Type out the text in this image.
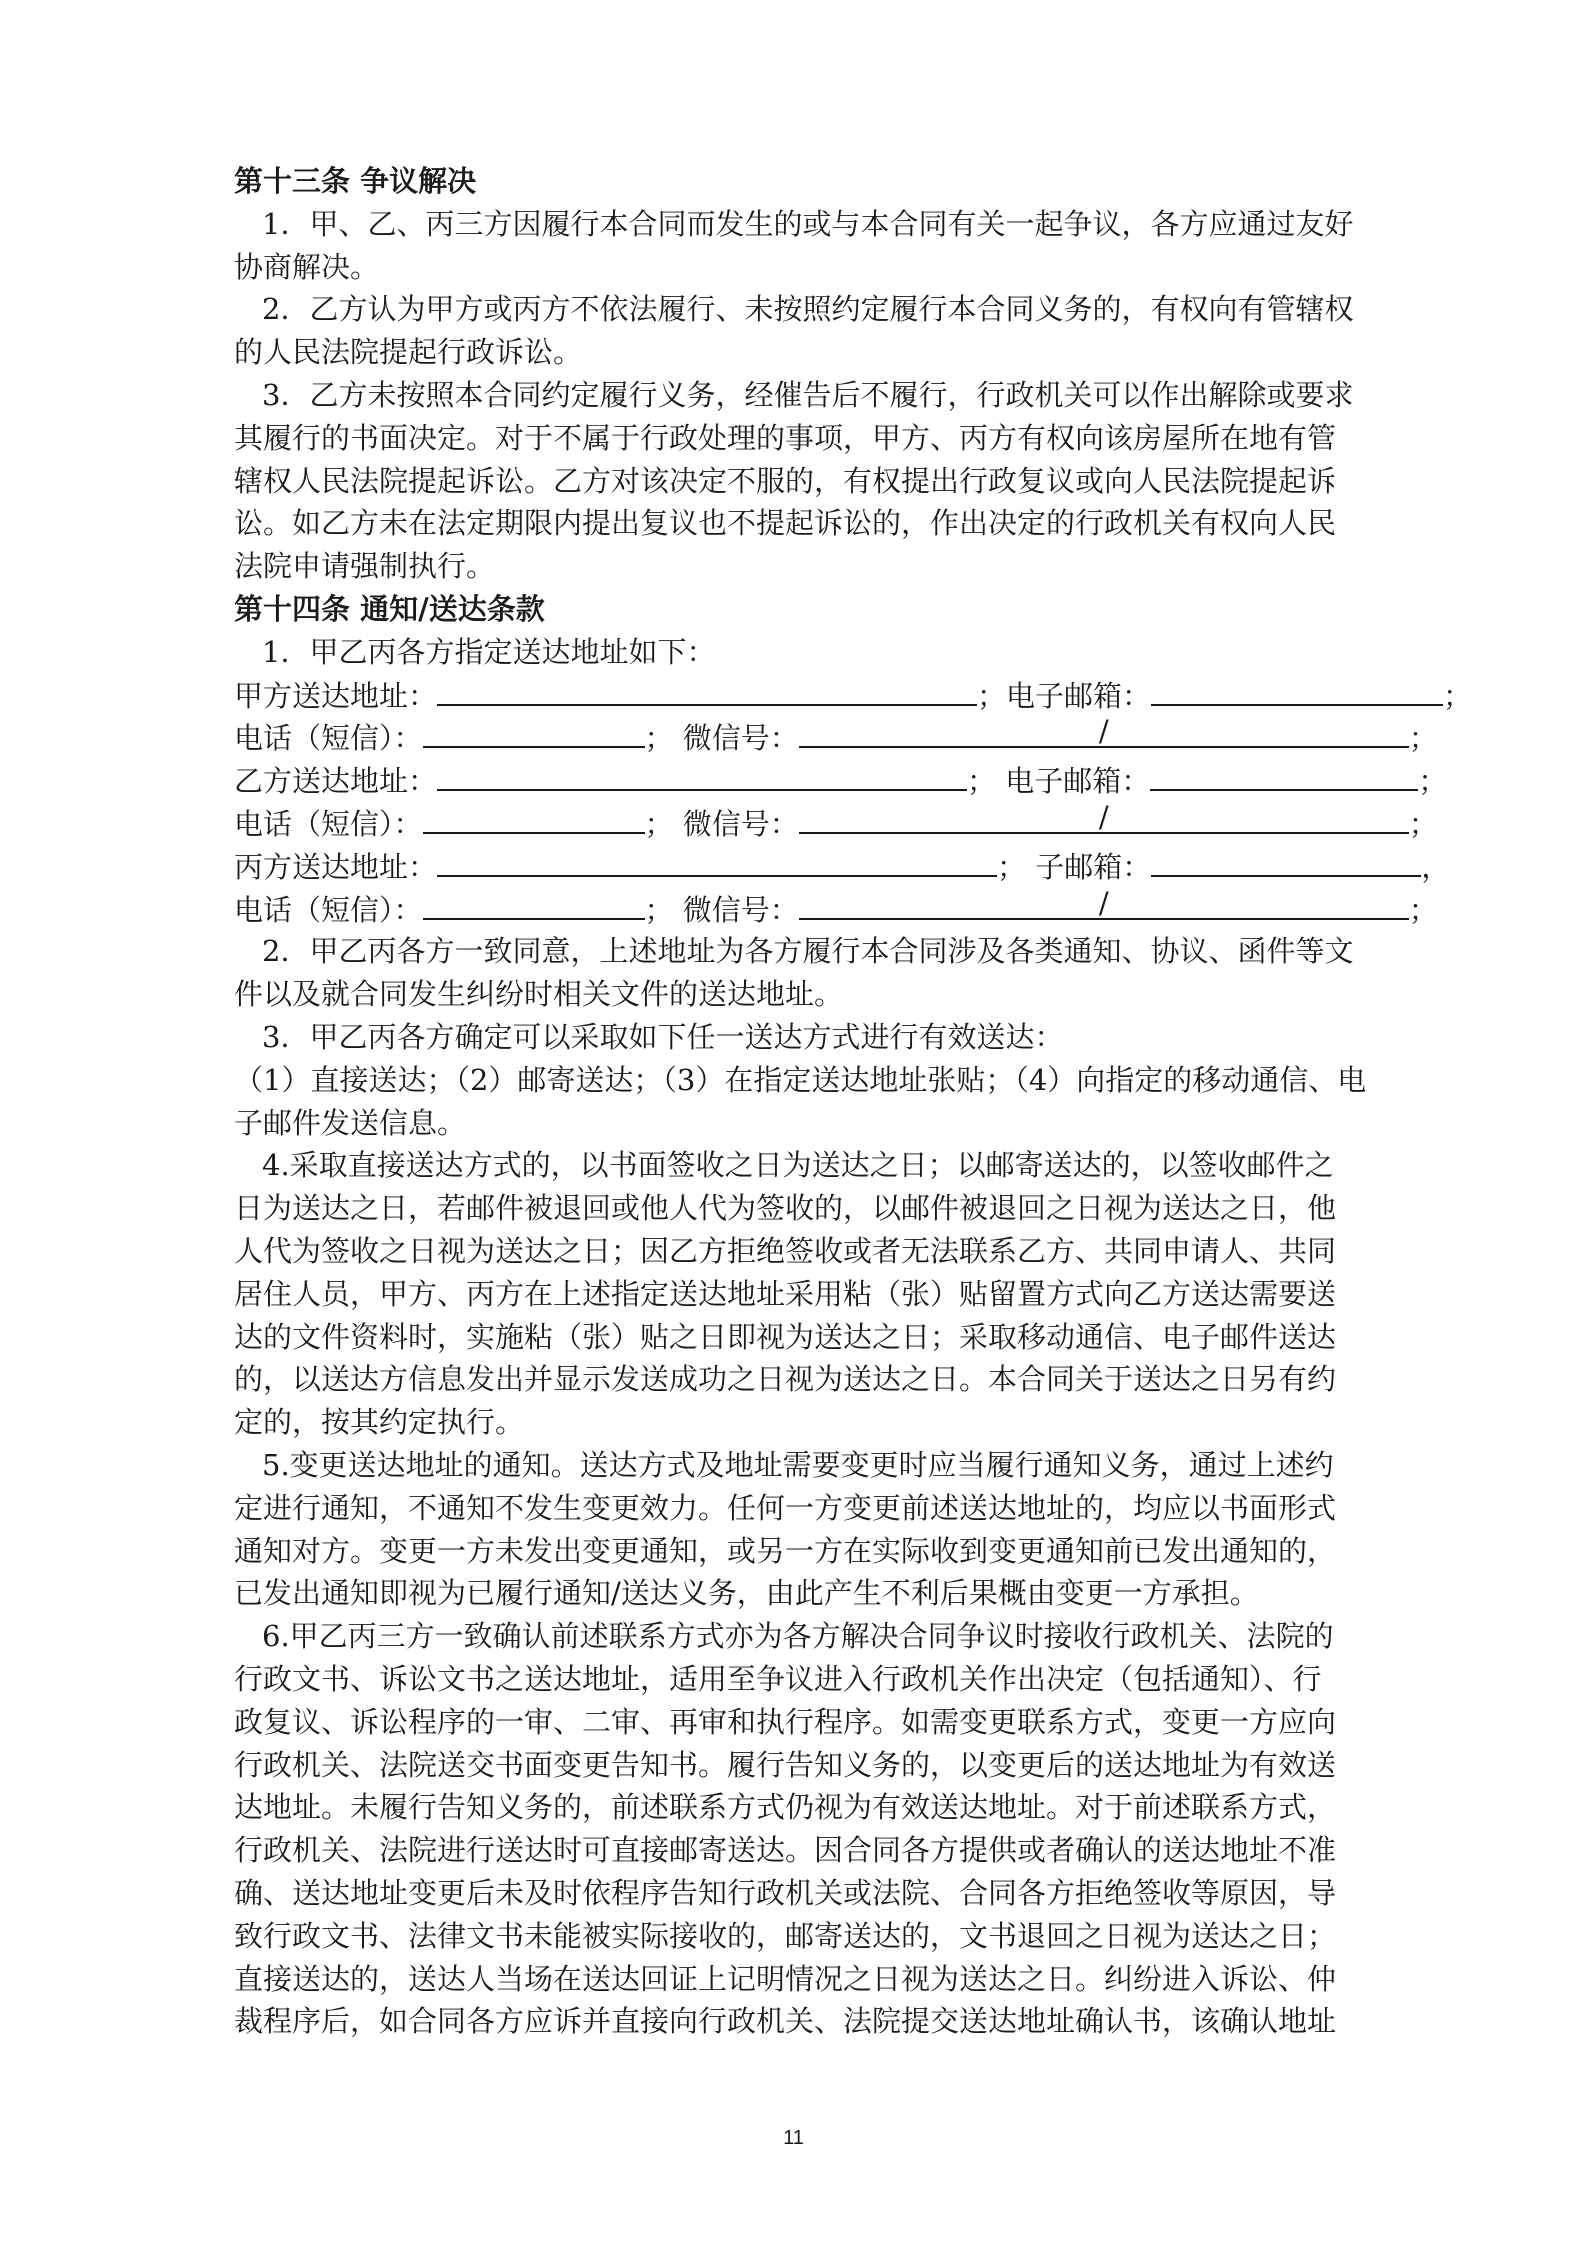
第十三条 争议解决
1．甲、乙、丙三方因履行本合同而发生的或与本合同有关一起争议，各方应通过友好
协商解决。
2．乙方认为甲方或丙方不依法履行、未按照约定履行本合同义务的，有权向有管辖权
的人民法院提起行政诉讼。
3．乙方未按照本合同约定履行义务，经催告后不履行，行政机关可以作出解除或要求
其履行的书面决定。对于不属于行政处理的事项，甲方、丙方有权向该房屋所在地有管
辖权人民法院提起诉讼。乙方对该决定不服的，有权提出行政复议或向人民法院提起诉
讼。如乙方未在法定期限内提出复议也不提起诉讼的，作出决定的行政机关有权向人民
法院申请强制执行。
第十四条 通知/送达条款
1．甲乙丙各方指定送达地址如下：
甲方送达地址：	；电子邮箱：	；
电话（短信）：	； 微信号：	/	；
乙方送达地址：	； 电子邮箱：	；
电话（短信）：	； 微信号：	/	；
丙方送达地址：	； 子邮箱：	，
电话（短信）：	； 微信号：	/	；
2．甲乙丙各方一致同意，上述地址为各方履行本合同涉及各类通知、协议、函件等文
件以及就合同发生纠纷时相关文件的送达地址。
3．甲乙丙各方确定可以采取如下任一送达方式进行有效送达：
（1）直接送达；（2）邮寄送达；（3）在指定送达地址张贴；（4）向指定的移动通信、电
子邮件发送信息。
4.采取直接送达方式的，以书面签收之日为送达之日；以邮寄送达的，以签收邮件之
日为送达之日，若邮件被退回或他人代为签收的，以邮件被退回之日视为送达之日，他
人代为签收之日视为送达之日；因乙方拒绝签收或者无法联系乙方、共同申请人、共同
居住人员，甲方、丙方在上述指定送达地址采用粘（张）贴留置方式向乙方送达需要送
达的文件资料时，实施粘（张）贴之日即视为送达之日；采取移动通信、电子邮件送达
的，以送达方信息发出并显示发送成功之日视为送达之日。本合同关于送达之日另有约
定的，按其约定执行。
5.变更送达地址的通知。送达方式及地址需要变更时应当履行通知义务，通过上述约
定进行通知，不通知不发生变更效力。任何一方变更前述送达地址的，均应以书面形式
通知对方。变更一方未发出变更通知，或另一方在实际收到变更通知前已发出通知的，
已发出通知即视为已履行通知/送达义务，由此产生不利后果概由变更一方承担。
6.甲乙丙三方一致确认前述联系方式亦为各方解决合同争议时接收行政机关、法院的
行政文书、诉讼文书之送达地址，适用至争议进入行政机关作出决定（包括通知）、行
政复议、诉讼程序的一审、二审、再审和执行程序。如需变更联系方式，变更一方应向
行政机关、法院送交书面变更告知书。履行告知义务的，以变更后的送达地址为有效送
达地址。未履行告知义务的，前述联系方式仍视为有效送达地址。对于前述联系方式，
行政机关、法院进行送达时可直接邮寄送达。因合同各方提供或者确认的送达地址不准
确、送达地址变更后未及时依程序告知行政机关或法院、合同各方拒绝签收等原因，导
致行政文书、法律文书未能被实际接收的，邮寄送达的，文书退回之日视为送达之日；
直接送达的，送达人当场在送达回证上记明情况之日视为送达之日。纠纷进入诉讼、仲
裁程序后，如合同各方应诉并直接向行政机关、法院提交送达地址确认书，该确认地址
11
